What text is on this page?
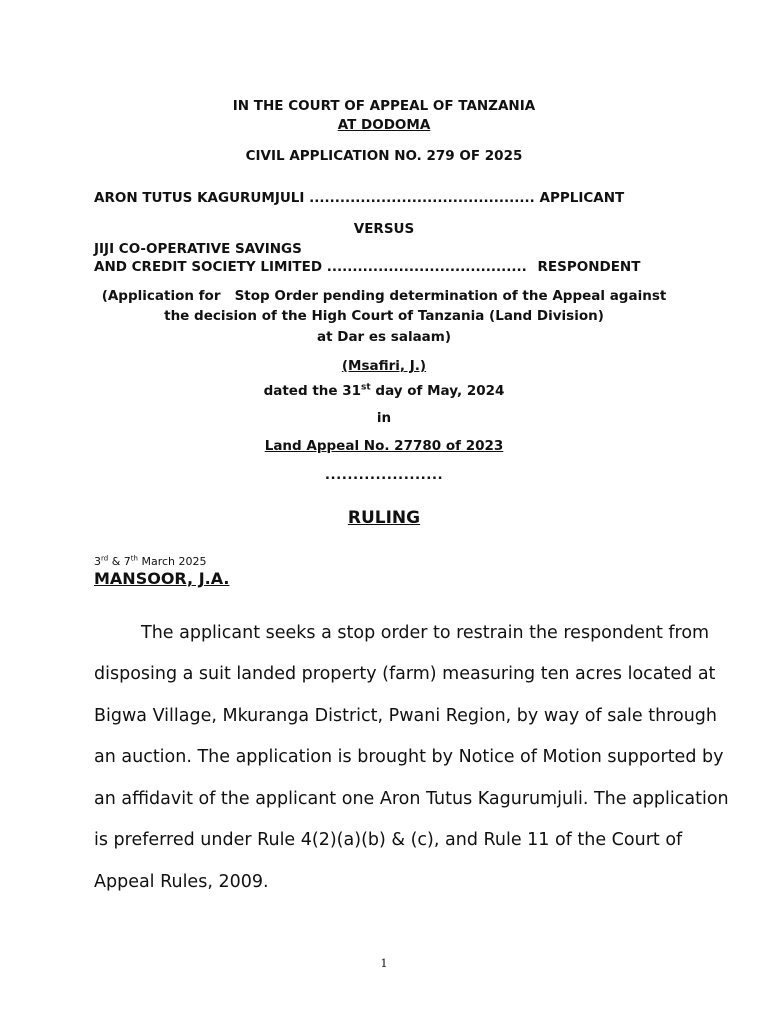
IN THE COURT OF APPEAL OF TANZANIA
AT DODOMA
CIVIL APPLICATION NO. 279 OF 2025
ARON TUTUS KAGURUMJULI ............................................ APPLICANT
VERSUS
JIJI CO-OPERATIVE SAVINGS
AND CREDIT SOCIETY LIMITED ....................................... RESPONDENT
(Application for   Stop Order pending determination of the Appeal against
the decision of the High Court of Tanzania (Land Division)
at Dar es salaam)
(Msafiri, J.)
dated the 31st day of May, 2024
in
Land Appeal No. 27780 of 2023
.....................
RULING
3rd & 7th March 2025
MANSOOR, J.A.
The applicant seeks a stop order to restrain the respondent from
disposing a suit landed property (farm) measuring ten acres located at
Bigwa Village, Mkuranga District, Pwani Region, by way of sale through
an auction. The application is brought by Notice of Motion supported by
an affidavit of the applicant one Aron Tutus Kagurumjuli. The application
is preferred under Rule 4(2)(a)(b) & (c), and Rule 11 of the Court of
Appeal Rules, 2009.
1
